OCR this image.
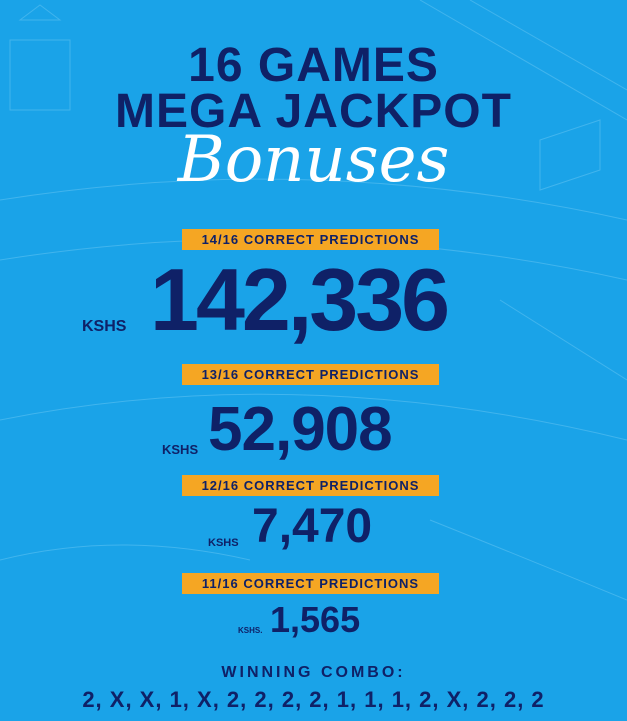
16 GAMES
MEGA JACKPOT
Bonuses
14/16 CORRECT PREDICTIONS
KSHS 142,336
13/16 CORRECT PREDICTIONS
KSHS 52,908
12/16 CORRECT PREDICTIONS
KSHS 7,470
11/16 CORRECT PREDICTIONS
KSHS. 1,565
WINNING COMBO:
2, X, X, 1, X, 2, 2, 2, 2, 1, 1, 1, 2, X, 2, 2, 2
